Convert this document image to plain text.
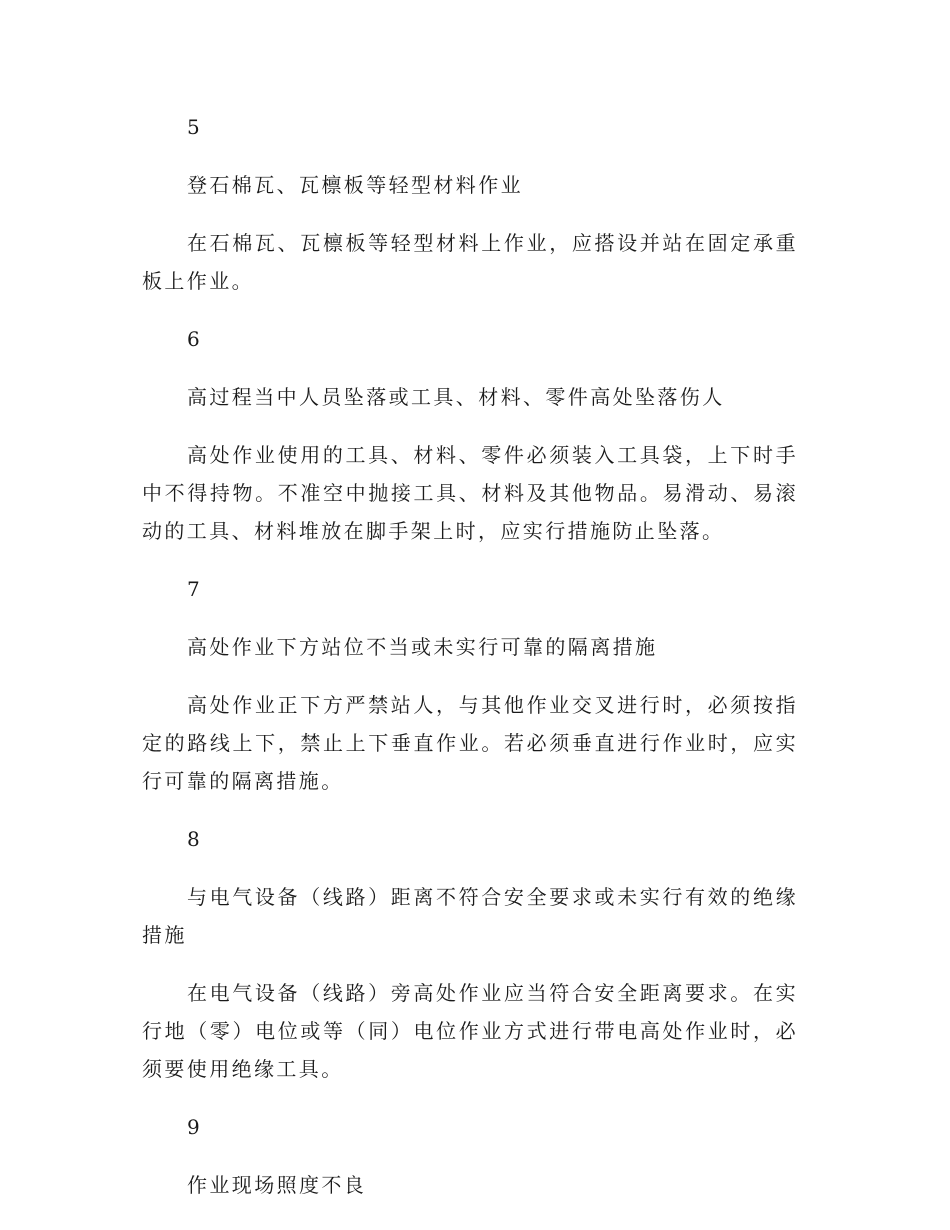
5

登石棉瓦、瓦檩板等轻型材料作业

在石棉瓦、瓦檩板等轻型材料上作业，应搭设并站在固定承重板上作业。

6

高过程当中人员坠落或工具、材料、零件高处坠落伤人

高处作业使用的工具、材料、零件必须装入工具袋，上下时手中不得持物。不准空中抛接工具、材料及其他物品。易滑动、易滚动的工具、材料堆放在脚手架上时，应实行措施防止坠落。

7

高处作业下方站位不当或未实行可靠的隔离措施

高处作业正下方严禁站人，与其他作业交叉进行时，必须按指定的路线上下，禁止上下垂直作业。若必须垂直进行作业时，应实行可靠的隔离措施。

8

与电气设备（线路）距离不符合安全要求或未实行有效的绝缘措施

在电气设备（线路）旁高处作业应当符合安全距离要求。在实行地（零）电位或等（同）电位作业方式进行带电高处作业时，必须要使用绝缘工具。

9

作业现场照度不良
